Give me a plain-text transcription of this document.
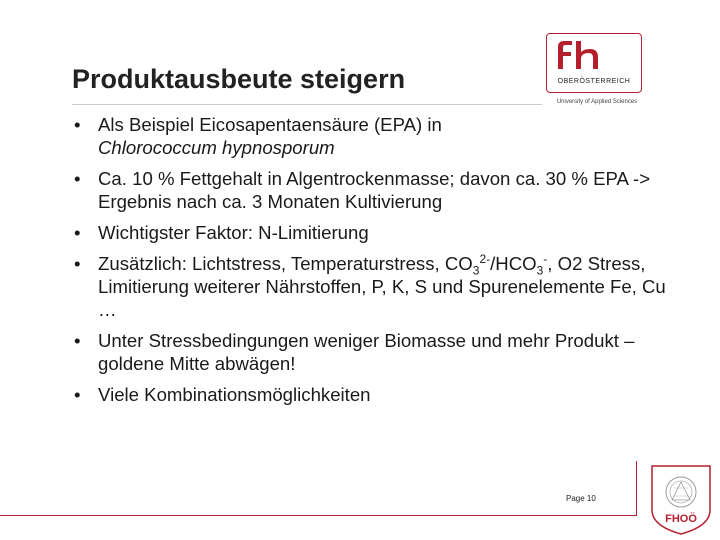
Produktausbeute steigern	OBERÖSTERREICH
University of Applied Sciences
• Als Beispiel Eicosapentaensäure (EPA) in
Chlorococcum hypnosporum
• Ca. 10 % Fettgehalt in Algentrockenmasse; davon ca. 30 % EPA -> Ergebnis nach ca. 3 Monaten Kultivierung
• Wichtigster Faktor: N-Limitierung
• Zusätzlich: Lichtstress, Temperaturstress, $CO_3^{2-}/HCO_3^-$, O2 Stress, Limitierung weiterer Nährstoffen, P, K, S und Spurenelemente Fe, Cu …
• Unter Stressbedingungen weniger Biomasse und mehr Produkt – goldene Mitte abwägen!
• Viele Kombinationsmöglichkeiten
Page 10
FHOÖ
